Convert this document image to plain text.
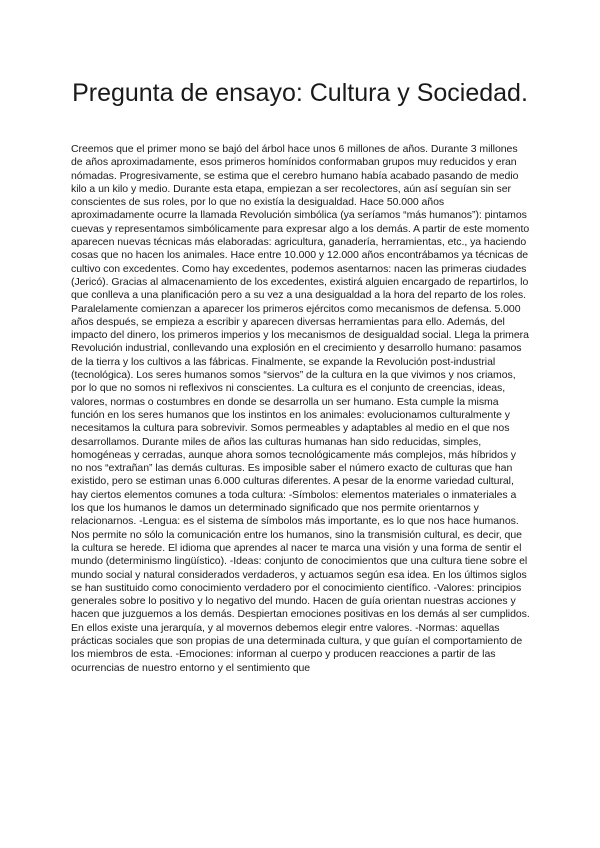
Pregunta de ensayo: Cultura y Sociedad.

Creemos que el primer mono se bajó del árbol hace unos 6 millones de años. Durante 3 millones de años aproximadamente, esos primeros homínidos conformaban grupos muy reducidos y eran nómadas. Progresivamente, se estima que el cerebro humano había acabado pasando de medio kilo a un kilo y medio. Durante esta etapa, empiezan a ser recolectores, aún así seguían sin ser conscientes de sus roles, por lo que no existía la desigualdad. Hace 50.000 años aproximadamente ocurre la llamada Revolución simbólica (ya seríamos “más humanos”): pintamos cuevas y representamos simbólicamente para expresar algo a los demás. A partir de este momento aparecen nuevas técnicas más elaboradas: agricultura, ganadería, herramientas, etc., ya haciendo cosas que no hacen los animales. Hace entre 10.000 y 12.000 años encontrábamos ya técnicas de cultivo con excedentes. Como hay excedentes, podemos asentarnos: nacen las primeras ciudades (Jericó). Gracias al almacenamiento de los excedentes, existirá alguien encargado de repartirlos, lo que conlleva a una planificación pero a su vez a una desigualdad a la hora del reparto de los roles. Paralelamente comienzan a aparecer los primeros ejércitos como mecanismos de defensa. 5.000 años después, se empieza a escribir y aparecen diversas herramientas para ello. Además, del impacto del dinero, los primeros imperios y los mecanismos de desigualdad social. Llega la primera Revolución industrial, conllevando una explosión en el crecimiento y desarrollo humano: pasamos de la tierra y los cultivos a las fábricas. Finalmente, se expande la Revolución post-industrial (tecnológica). Los seres humanos somos “siervos” de la cultura en la que vivimos y nos criamos, por lo que no somos ni reflexivos ni conscientes. La cultura es el conjunto de creencias, ideas, valores, normas o costumbres en donde se desarrolla un ser humano. Esta cumple la misma función en los seres humanos que los instintos en los animales: evolucionamos culturalmente y necesitamos la cultura para sobrevivir. Somos permeables y adaptables al medio en el que nos desarrollamos. Durante miles de años las culturas humanas han sido reducidas, simples, homogéneas y cerradas, aunque ahora somos tecnológicamente más complejos, más híbridos y no nos “extrañan” las demás culturas. Es imposible saber el número exacto de culturas que han existido, pero se estiman unas 6.000 culturas diferentes. A pesar de la enorme variedad cultural, hay ciertos elementos comunes a toda cultura: -Símbolos: elementos materiales o inmateriales a los que los humanos le damos un determinado significado que nos permite orientarnos y relacionarnos. -Lengua: es el sistema de símbolos más importante, es lo que nos hace humanos. Nos permite no sólo la comunicación entre los humanos, sino la transmisión cultural, es decir, que la cultura se herede. El idioma que aprendes al nacer te marca una visión y una forma de sentir el mundo (determinismo lingüístico). -Ideas: conjunto de conocimientos que una cultura tiene sobre el mundo social y natural considerados verdaderos, y actuamos según esa idea. En los últimos siglos se han sustituido como conocimiento verdadero por el conocimiento científico. -Valores: principios generales sobre lo positivo y lo negativo del mundo. Hacen de guía orientan nuestras acciones y hacen que juzguemos a los demás. Despiertan emociones positivas en los demás al ser cumplidos. En ellos existe una jerarquía, y al movernos debemos elegir entre valores. -Normas: aquellas prácticas sociales que son propias de una determinada cultura, y que guían el comportamiento de los miembros de esta. -Emociones: informan al cuerpo y producen reacciones a partir de las ocurrencias de nuestro entorno y el sentimiento que
